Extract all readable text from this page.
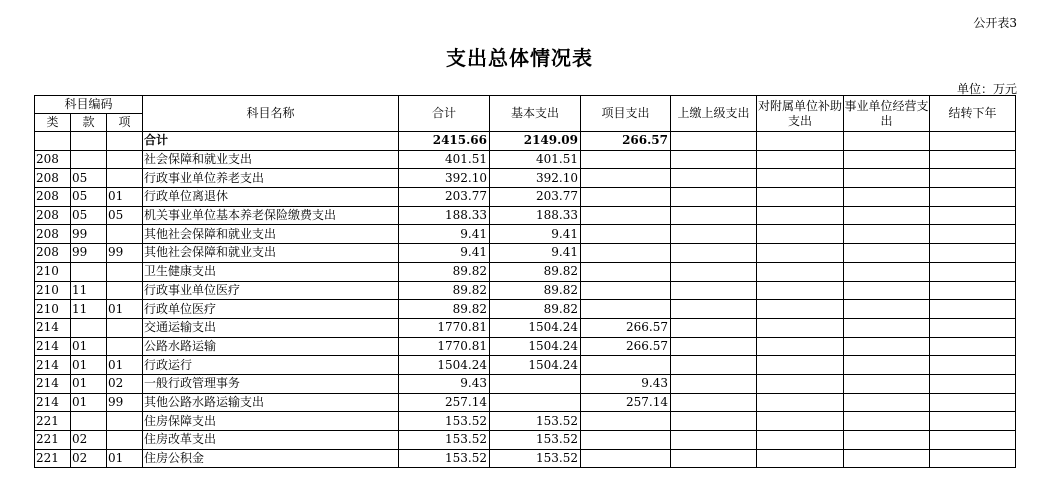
公开表3
支出总体情况表
单位：万元
科目编码			科目名称	合计	基本支出	项目支出	上缴上级支出	对附属单位补助支出	事业单位经营支出	结转下年
类	款	项								
			合计	2415.66	2149.09	266.57				
208			社会保障和就业支出	401.51	401.51					
208	05		行政事业单位养老支出	392.10	392.10					
208	05	01	行政单位离退休	203.77	203.77					
208	05	05	机关事业单位基本养老保险缴费支出	188.33	188.33					
208	99		其他社会保障和就业支出	9.41	9.41					
208	99	99	其他社会保障和就业支出	9.41	9.41					
210			卫生健康支出	89.82	89.82					
210	11		行政事业单位医疗	89.82	89.82					
210	11	01	行政单位医疗	89.82	89.82					
214			交通运输支出	1770.81	1504.24	266.57				
214	01		公路水路运输	1770.81	1504.24	266.57				
214	01	01	行政运行	1504.24	1504.24					
214	01	02	一般行政管理事务	9.43		9.43				
214	01	99	其他公路水路运输支出	257.14		257.14				
221			住房保障支出	153.52	153.52					
221	02		住房改革支出	153.52	153.52					
221	02	01	住房公积金	153.52	153.52					
